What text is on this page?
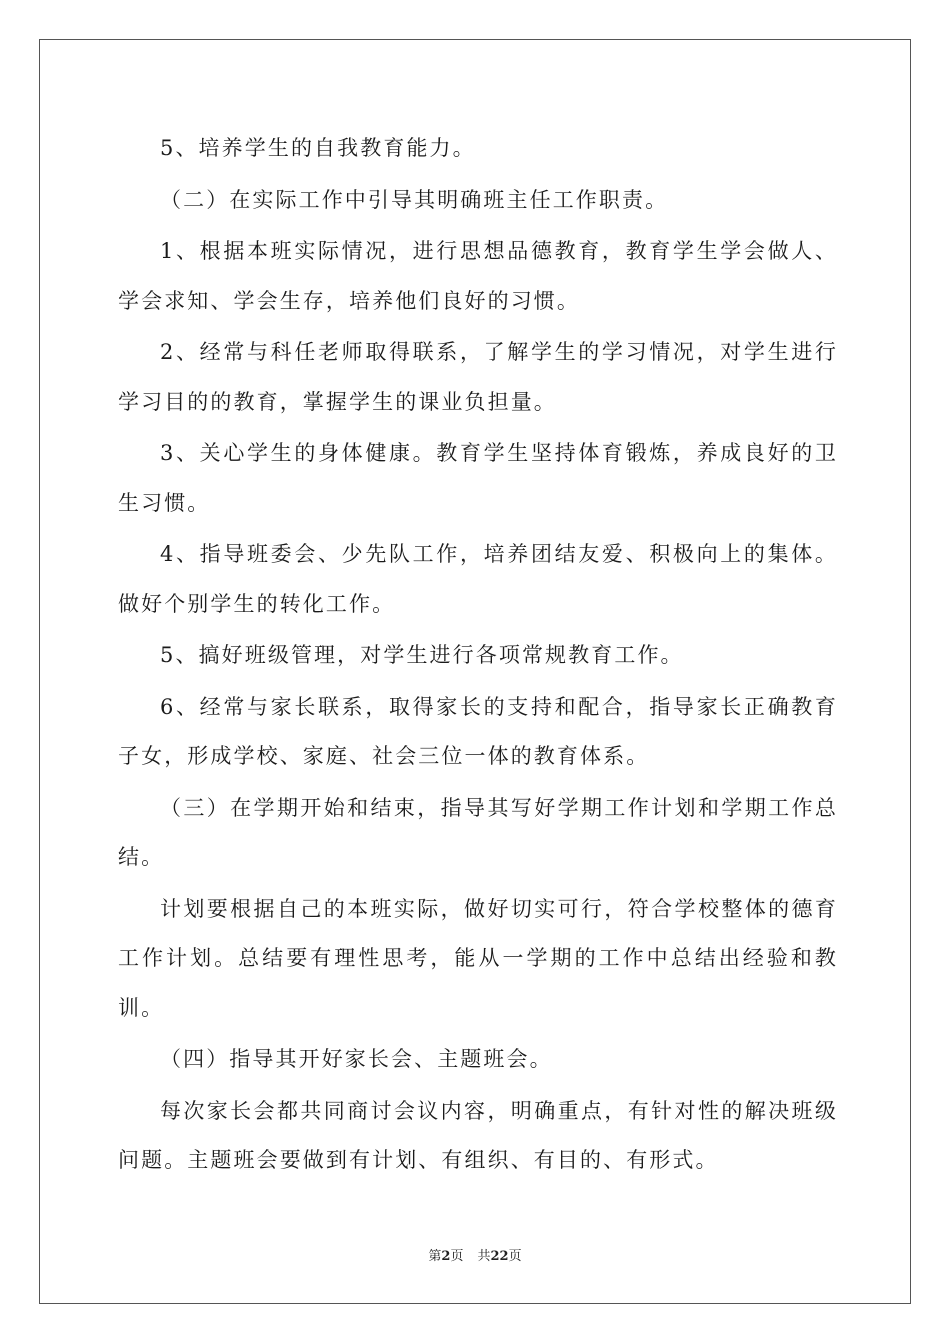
5、培养学生的自我教育能力。

（二）在实际工作中引导其明确班主任工作职责。

1、根据本班实际情况，进行思想品德教育，教育学生学会做人、学会求知、学会生存，培养他们良好的习惯。

2、经常与科任老师取得联系，了解学生的学习情况，对学生进行学习目的的教育，掌握学生的课业负担量。

3、关心学生的身体健康。教育学生坚持体育锻炼，养成良好的卫生习惯。

4、指导班委会、少先队工作，培养团结友爱、积极向上的集体。做好个别学生的转化工作。

5、搞好班级管理，对学生进行各项常规教育工作。

6、经常与家长联系，取得家长的支持和配合，指导家长正确教育子女，形成学校、家庭、社会三位一体的教育体系。

（三）在学期开始和结束，指导其写好学期工作计划和学期工作总结。

计划要根据自己的本班实际，做好切实可行，符合学校整体的德育工作计划。总结要有理性思考，能从一学期的工作中总结出经验和教训。

（四）指导其开好家长会、主题班会。

每次家长会都共同商讨会议内容，明确重点，有针对性的解决班级问题。主题班会要做到有计划、有组织、有目的、有形式。

第2页 共22页
